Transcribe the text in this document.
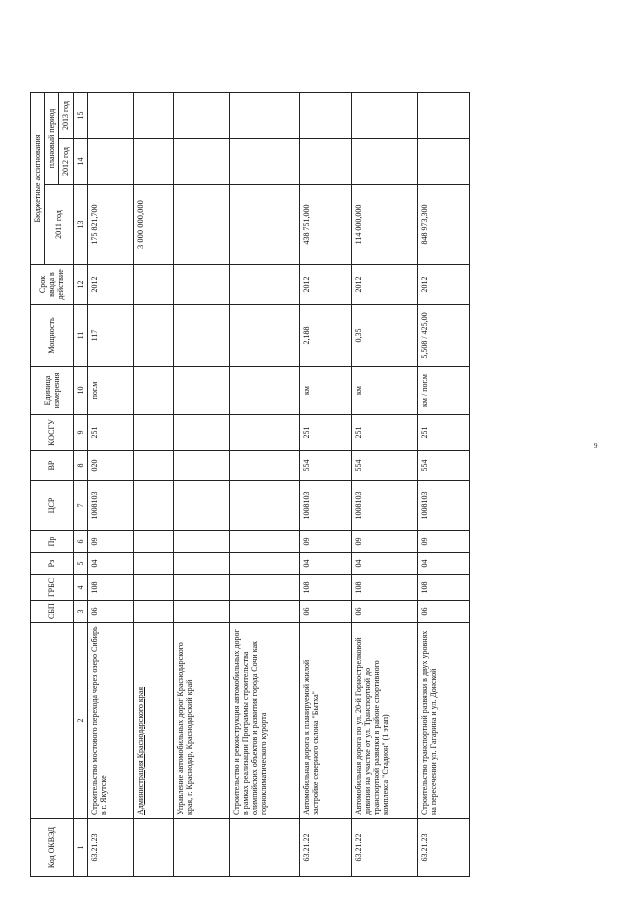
Код ОКВЭД		СБП	ГРБС	Рз	Пр	ЦСР	ВР	КОСГУ	Единица измерения	Мощность	Срок ввода в действие	Бюджетные ассигнования		
												2011 год	плановый период	
													2012 год	2013 год
1	2	3	4	5	6	7	8	9	10	11	12	13	14	15
63.21.23	Строительство мостового перехода через озеро Сибирь в г. Якутске	06	108	04	09	1008103	020	251	пог.м	117	2012	175 821,700		
	Администрация Краснодарского края											3 000 000,000		
	Управление автомобильных дорог Краснодарского края, г. Краснодар, Краснодарский край													
	Строительство и реконструкция автомобильных дорог в рамках реализации Программы строительства олимпийских объектов и развития города Сочи как горноклиматического курорта													
63.21.22	Автомобильная дорога к планируемой жилой застройке северного склона "Бытха"	06	108	04	09	1008103	554	251	км	2,188	2012	438 751,000		
63.21.22	Автомобильная дорога по ул. 20-й Горнострелковой дивизии на участке от ул. Транспортной до транспортной развязки в районе спортивного комплекса "Стадион" (1 этап)	06	108	04	09	1008103	554	251	км	0,35	2012	114 000,000		
63.21.23	Строительство транспортной развязки в двух уровнях на пересечении ул. Гагарина и ул. Донской	06	108	04	09	1008103	554	251	км / пог.м	5,508 / 425,00	2012	848 973,300		
9
